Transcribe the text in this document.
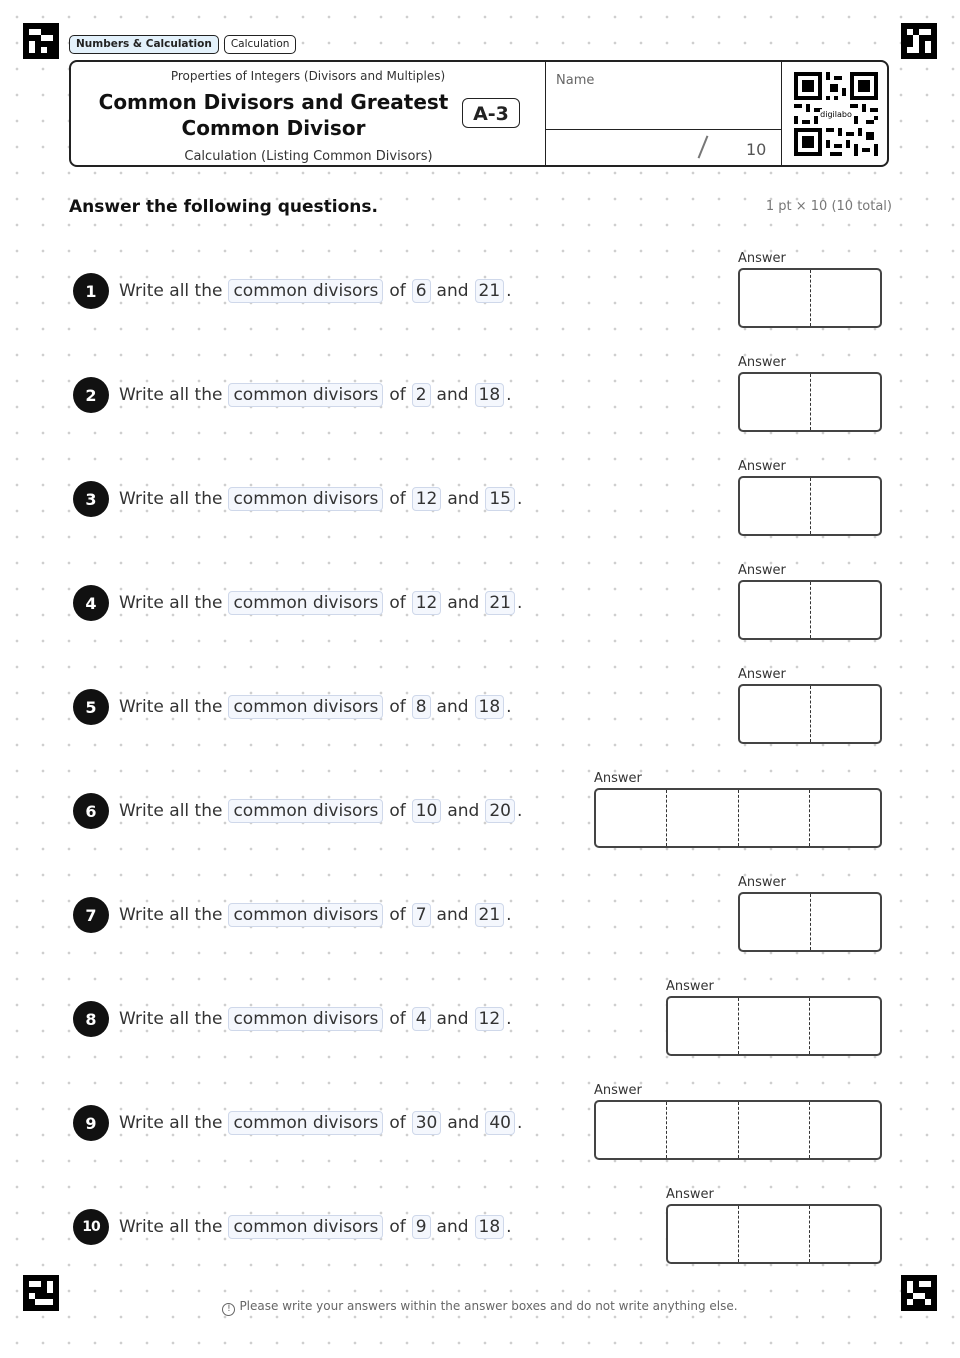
Numbers & Calculation	Calculation
Properties of Integers (Divisors and Multiples)
Common Divisors and Greatest Common Divisor
A-3
Calculation (Listing Common Divisors)
Name
10
digilabo
Answer the following questions.	1 pt × 10 (10 total)
1	Write all the common divisors of 6 and 21 .
Answer
2	Write all the common divisors of 2 and 18 .
Answer
3	Write all the common divisors of 12 and 15 .
Answer
4	Write all the common divisors of 12 and 21 .
Answer
5	Write all the common divisors of 8 and 18 .
Answer
6	Write all the common divisors of 10 and 20 .
Answer
7	Write all the common divisors of 7 and 21 .
Answer
8	Write all the common divisors of 4 and 12 .
Answer
9	Write all the common divisors of 30 and 40 .
Answer
10	Write all the common divisors of 9 and 18 .
Answer
! Please write your answers within the answer boxes and do not write anything else.
